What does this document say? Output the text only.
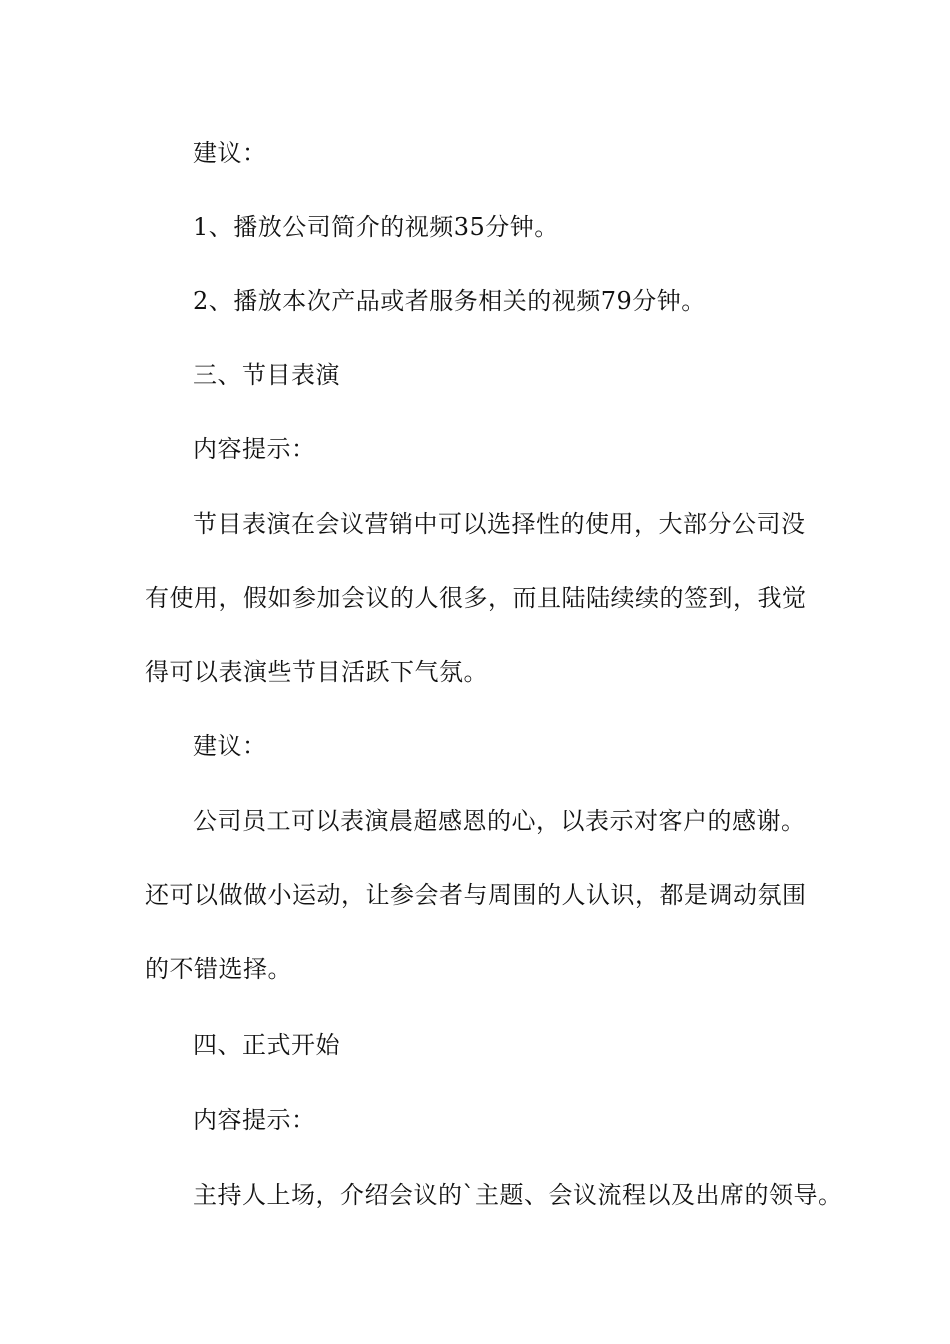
建议：
1、播放公司简介的视频35分钟。
2、播放本次产品或者服务相关的视频79分钟。
三、节目表演
内容提示：
节目表演在会议营销中可以选择性的使用，大部分公司没
有使用，假如参加会议的人很多，而且陆陆续续的签到，我觉
得可以表演些节目活跃下气氛。
建议：
公司员工可以表演晨超感恩的心，以表示对客户的感谢。
还可以做做小运动，让参会者与周围的人认识，都是调动氛围
的不错选择。
四、正式开始
内容提示：
主持人上场，介绍会议的`主题、会议流程以及出席的领导。
